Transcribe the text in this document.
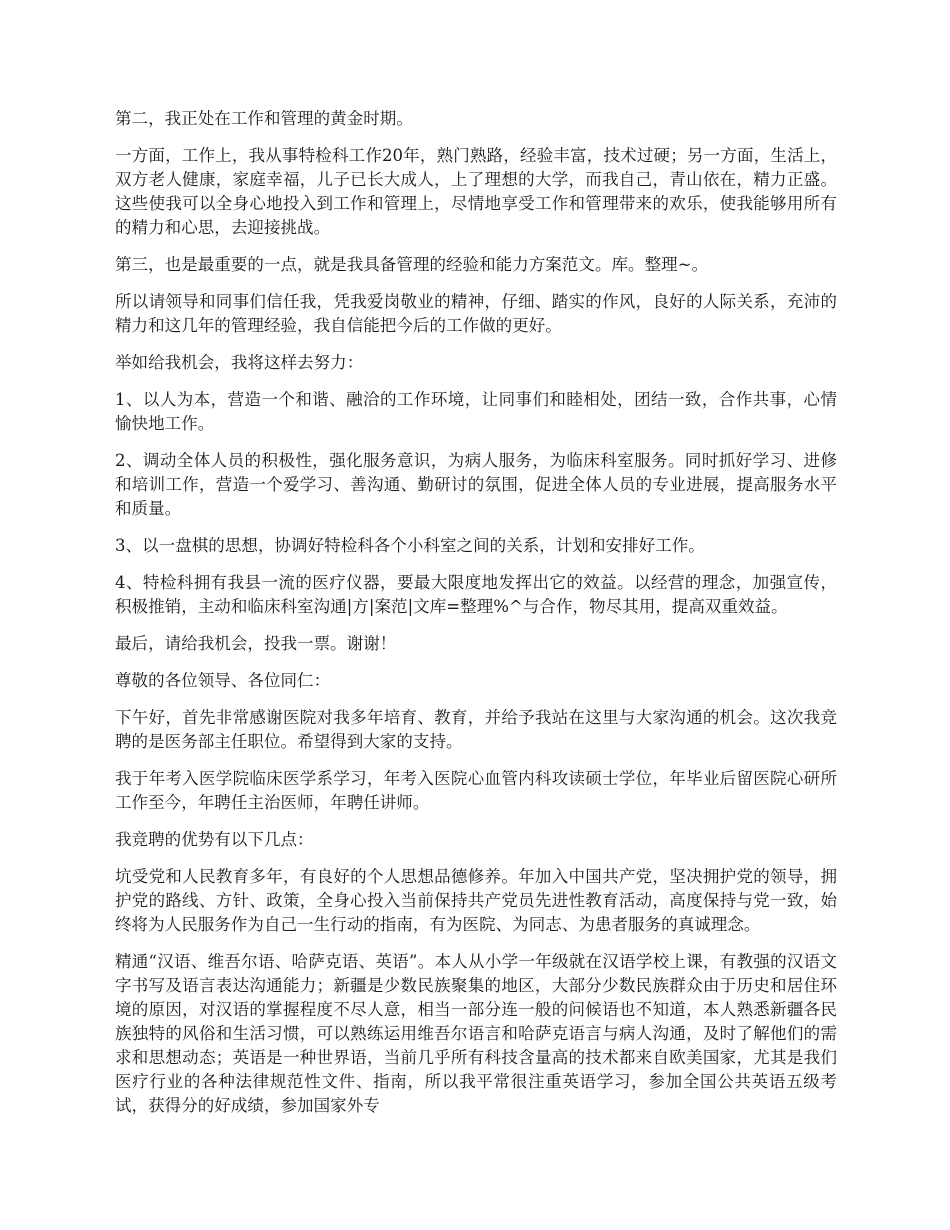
第二，我正处在工作和管理的黄金时期。

一方面，工作上，我从事特检科工作20年，熟门熟路，经验丰富，技术过硬；另一方面，生活上，双方老人健康，家庭幸福，儿子已长大成人，上了理想的大学，而我自己，青山依在，精力正盛。这些使我可以全身心地投入到工作和管理上，尽情地享受工作和管理带来的欢乐，使我能够用所有的精力和心思，去迎接挑战。

第三，也是最重要的一点，就是我具备管理的经验和能力方案范文。库。整理~。

所以请领导和同事们信任我，凭我爱岗敬业的精神，仔细、踏实的作风，良好的人际关系，充沛的精力和这几年的管理经验，我自信能把今后的工作做的更好。

举如给我机会，我将这样去努力：

1、以人为本，营造一个和谐、融洽的工作环境，让同事们和睦相处，团结一致，合作共事，心情愉快地工作。

2、调动全体人员的积极性，强化服务意识，为病人服务，为临床科室服务。同时抓好学习、进修和培训工作，营造一个爱学习、善沟通、勤研讨的氛围，促进全体人员的专业进展，提高服务水平和质量。

3、以一盘棋的思想，协调好特检科各个小科室之间的关系，计划和安排好工作。

4、特检科拥有我县一流的医疗仪器，要最大限度地发挥出它的效益。以经营的理念，加强宣传，积极推销，主动和临床科室沟通|方|案范|文库=整理%^与合作，物尽其用，提高双重效益。

最后，请给我机会，投我一票。谢谢！

尊敬的各位领导、各位同仁：

下午好，首先非常感谢医院对我多年培育、教育，并给予我站在这里与大家沟通的机会。这次我竞聘的是医务部主任职位。希望得到大家的支持。

我于年考入医学院临床医学系学习，年考入医院心血管内科攻读硕士学位，年毕业后留医院心研所工作至今，年聘任主治医师，年聘任讲师。

我竞聘的优势有以下几点：

坑受党和人民教育多年，有良好的个人思想品德修养。年加入中国共产党，坚决拥护党的领导，拥护党的路线、方针、政策，全身心投入当前保持共产党员先进性教育活动，高度保持与党一致，始终将为人民服务作为自己一生行动的指南，有为医院、为同志、为患者服务的真诚理念。

精通“汉语、维吾尔语、哈萨克语、英语”。本人从小学一年级就在汉语学校上课，有教强的汉语文字书写及语言表达沟通能力；新疆是少数民族聚集的地区，大部分少数民族群众由于历史和居住环境的原因，对汉语的掌握程度不尽人意，相当一部分连一般的问候语也不知道，本人熟悉新疆各民族独特的风俗和生活习惯，可以熟练运用维吾尔语言和哈萨克语言与病人沟通，及时了解他们的需求和思想动态；英语是一种世界语，当前几乎所有科技含量高的技术都来自欧美国家，尤其是我们医疗行业的各种法律规范性文件、指南，所以我平常很注重英语学习，参加全国公共英语五级考试，获得分的好成绩，参加国家外专
